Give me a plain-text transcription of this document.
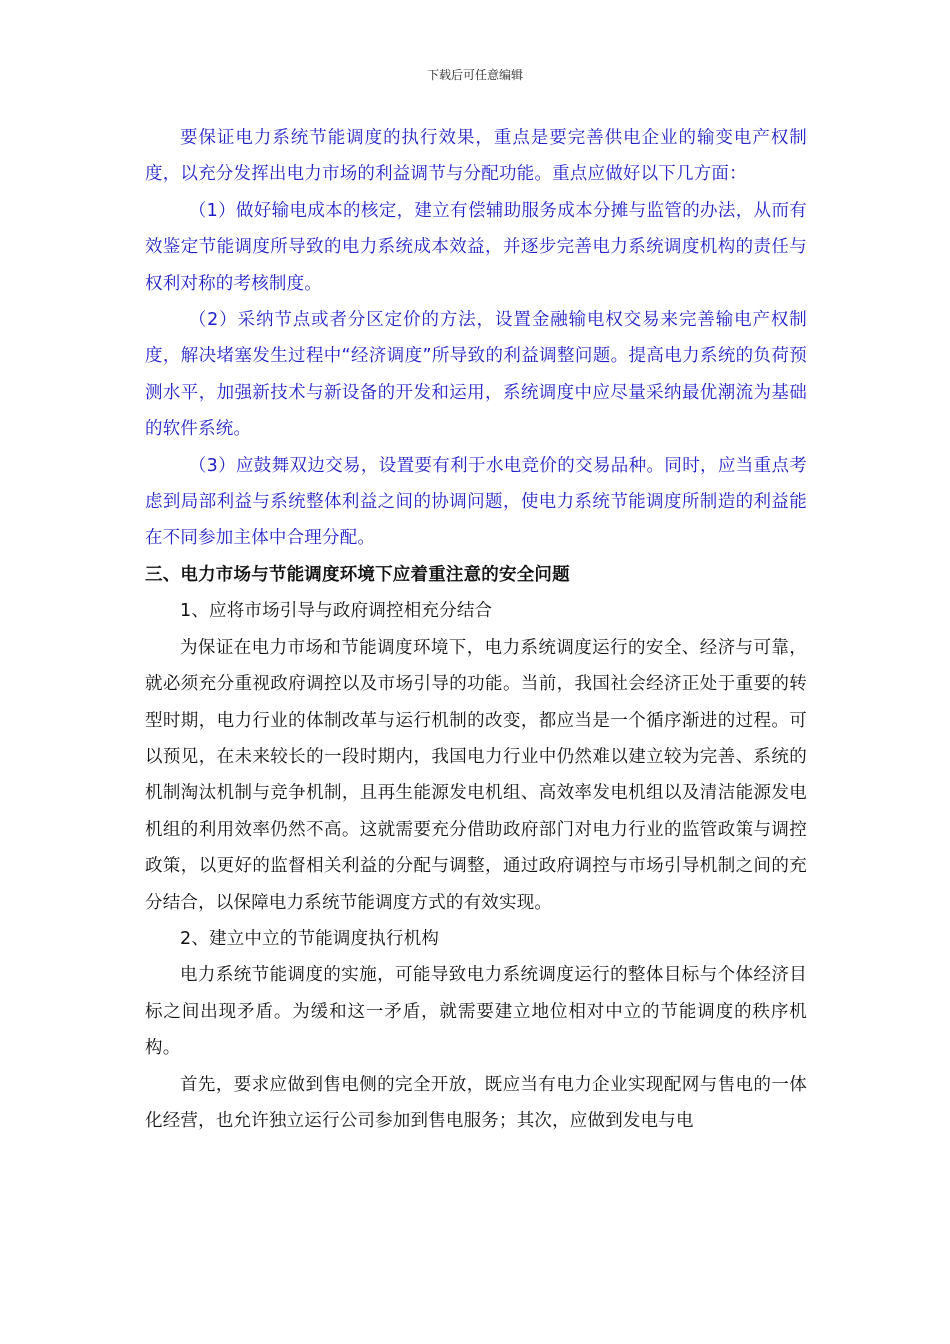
下载后可任意编辑

要保证电力系统节能调度的执行效果，重点是要完善供电企业的输变电产权制度，以充分发挥出电力市场的利益调节与分配功能。重点应做好以下几方面：

（1）做好输电成本的核定，建立有偿辅助服务成本分摊与监管的办法，从而有效鉴定节能调度所导致的电力系统成本效益，并逐步完善电力系统调度机构的责任与权利对称的考核制度。

（2）采纳节点或者分区定价的方法，设置金融输电权交易来完善输电产权制度，解决堵塞发生过程中“经济调度”所导致的利益调整问题。提高电力系统的负荷预测水平，加强新技术与新设备的开发和运用，系统调度中应尽量采纳最优潮流为基础的软件系统。

（3）应鼓舞双边交易，设置要有利于水电竞价的交易品种。同时，应当重点考虑到局部利益与系统整体利益之间的协调问题，使电力系统节能调度所制造的利益能在不同参加主体中合理分配。

三、电力市场与节能调度环境下应着重注意的安全问题

1、应将市场引导与政府调控相充分结合

为保证在电力市场和节能调度环境下，电力系统调度运行的安全、经济与可靠，就必须充分重视政府调控以及市场引导的功能。当前，我国社会经济正处于重要的转型时期，电力行业的体制改革与运行机制的改变，都应当是一个循序渐进的过程。可以预见，在未来较长的一段时期内，我国电力行业中仍然难以建立较为完善、系统的机制淘汰机制与竞争机制，且再生能源发电机组、高效率发电机组以及清洁能源发电机组的利用效率仍然不高。这就需要充分借助政府部门对电力行业的监管政策与调控政策，以更好的监督相关利益的分配与调整，通过政府调控与市场引导机制之间的充分结合，以保障电力系统节能调度方式的有效实现。

2、建立中立的节能调度执行机构

电力系统节能调度的实施，可能导致电力系统调度运行的整体目标与个体经济目标之间出现矛盾。为缓和这一矛盾，就需要建立地位相对中立的节能调度的秩序机构。

首先，要求应做到售电侧的完全开放，既应当有电力企业实现配网与售电的一体化经营，也允许独立运行公司参加到售电服务；其次，应做到发电与电
